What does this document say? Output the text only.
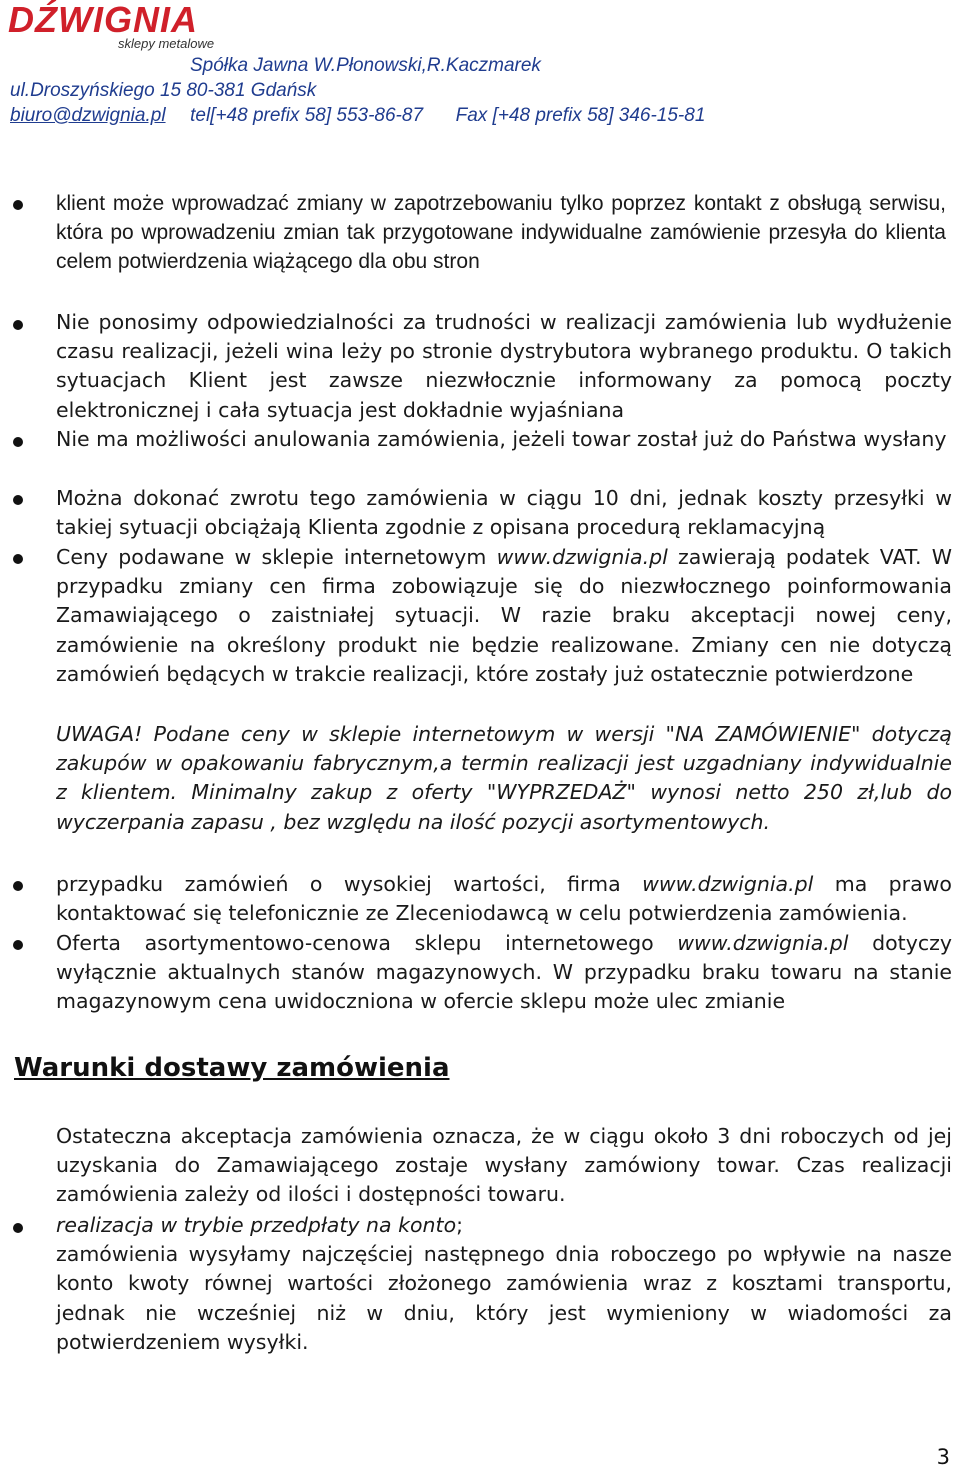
DŹWIGNIA
sklepy metalowe
Spółka Jawna W.Płonowski,R.Kaczmarek
ul.Droszyńskiego 15 80-381 Gdańsk
biuro@dzwignia.pl tel[+48 prefix 58] 553-86-87 Fax [+48 prefix 58] 346-15-81
klient może wprowadzać zmiany w zapotrzebowaniu tylko poprzez kontakt z obsługą serwisu, która po wprowadzeniu zmian tak przygotowane indywidualne zamówienie przesyła do klienta celem potwierdzenia wiążącego dla obu stron
Nie ponosimy odpowiedzialności za trudności w realizacji zamówienia lub wydłużenie czasu realizacji, jeżeli wina leży po stronie dystrybutora wybranego produktu. O takich sytuacjach Klient jest zawsze niezwłocznie informowany za pomocą poczty elektronicznej i cała sytuacja jest dokładnie wyjaśniana
Nie ma możliwości anulowania zamówienia, jeżeli towar został już do Państwa wysłany
Można dokonać zwrotu tego zamówienia w ciągu 10 dni, jednak koszty przesyłki w takiej sytuacji obciążają Klienta zgodnie z opisana procedurą reklamacyjną
Ceny podawane w sklepie internetowym www.dzwignia.pl zawierają podatek VAT. W przypadku zmiany cen firma zobowiązuje się do niezwłocznego poinformowania Zamawiającego o zaistniałej sytuacji. W razie braku akceptacji nowej ceny, zamówienie na określony produkt nie będzie realizowane. Zmiany cen nie dotyczą zamówień będących w trakcie realizacji, które zostały już ostatecznie potwierdzone
UWAGA! Podane ceny w sklepie internetowym w wersji "NA ZAMÓWIENIE" dotyczą zakupów w opakowaniu fabrycznym,a termin realizacji jest uzgadniany indywidualnie z klientem. Minimalny zakup z oferty "WYPRZEDAŻ" wynosi netto 250 zł,lub do wyczerpania zapasu , bez względu na ilość pozycji asortymentowych.
przypadku zamówień o wysokiej wartości, firma www.dzwignia.pl ma prawo kontaktować się telefonicznie ze Zleceniodawcą w celu potwierdzenia zamówienia.
Oferta asortymentowo-cenowa sklepu internetowego www.dzwignia.pl dotyczy wyłącznie aktualnych stanów magazynowych. W przypadku braku towaru na stanie magazynowym cena uwidoczniona w ofercie sklepu może ulec zmianie
Warunki dostawy zamówienia
Ostateczna akceptacja zamówienia oznacza, że w ciągu około 3 dni roboczych od jej uzyskania do Zamawiającego zostaje wysłany zamówiony towar. Czas realizacji zamówienia zależy od ilości i dostępności towaru.
realizacja w trybie przedpłaty na konto;
zamówienia wysyłamy najczęściej następnego dnia roboczego po wpływie na nasze konto kwoty równej wartości złożonego zamówienia wraz z kosztami transportu, jednak nie wcześniej niż w dniu, który jest wymieniony w wiadomości za potwierdzeniem wysyłki.
3
